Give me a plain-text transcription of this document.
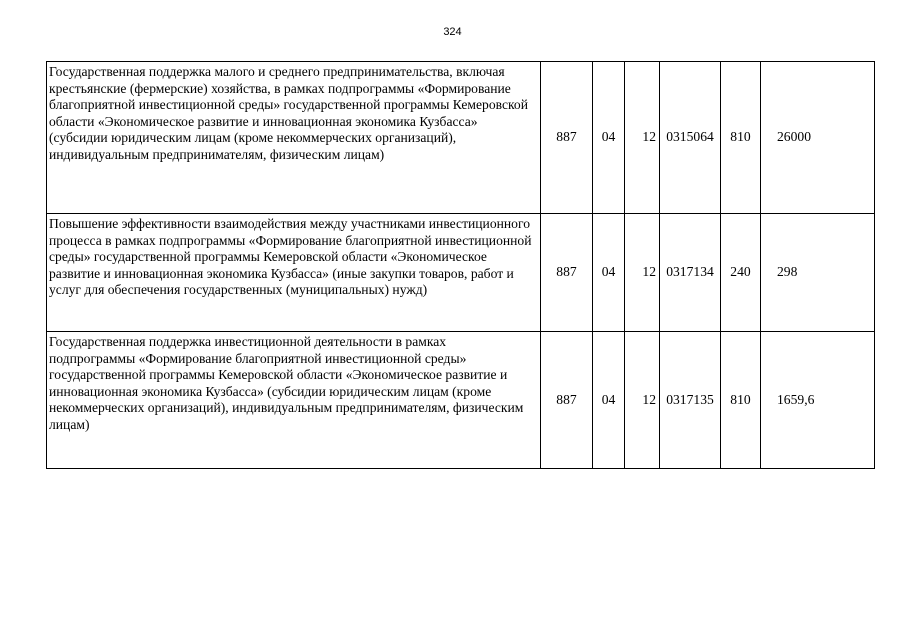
324
Государственная поддержка малого и среднего предпринимательства, включая крестьянские (фермерские) хозяйства, в рамках подпрограммы «Формирование благоприятной инвестиционной среды» государственной программы Кемеровской области «Экономическое развитие и инновационная экономика Кузбасса» (субсидии юридическим лицам (кроме некоммерческих организаций), индивидуальным предпринимателям, физическим лицам)	887	04	12	0315064	810	26000
Повышение эффективности взаимодействия между участниками инвестиционного процесса в рамках подпрограммы «Формирование благоприятной инвестиционной среды» государственной программы Кемеровской области «Экономическое развитие и инновационная экономика Кузбасса» (иные закупки товаров, работ и услуг для обеспечения государственных (муниципальных) нужд)	887	04	12	0317134	240	298
Государственная поддержка инвестиционной деятельности в рамках подпрограммы «Формирование благоприятной инвестиционной среды» государственной программы Кемеровской области «Экономическое развитие и инновационная экономика Кузбасса» (субсидии юридическим лицам (кроме некоммерческих организаций), индивидуальным предпринимателям, физическим лицам)	887	04	12	0317135	810	1659,6
